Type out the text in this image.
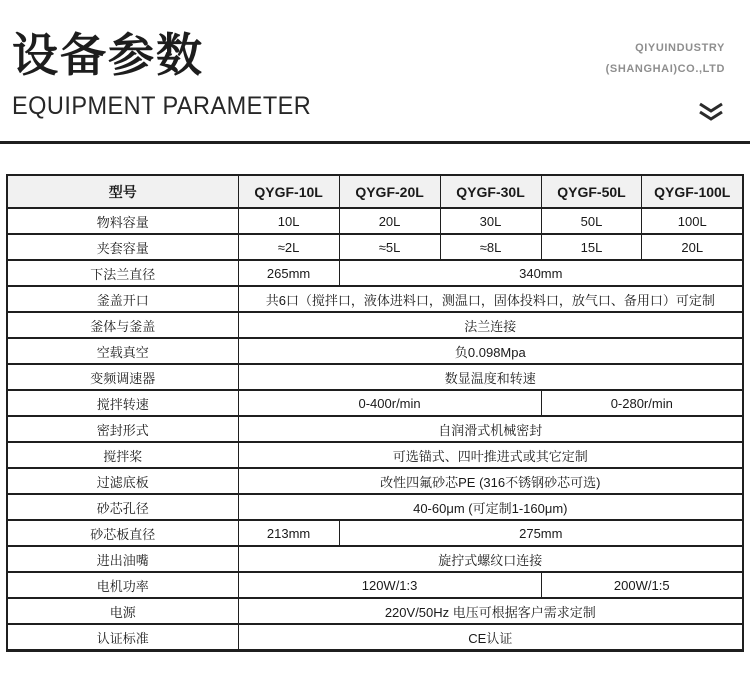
设备参数
EQUIPMENT PARAMETER
QIYUINDUSTRY
(SHANGHAI)CO.,LTD
型号	QYGF-10L	QYGF-20L	QYGF-30L	QYGF-50L	QYGF-100L
物料容量	10L	20L	30L	50L	100L
夹套容量	≈2L	≈5L	≈8L	15L	20L
下法兰直径	265mm	340mm			
釜盖开口	共6口（搅拌口，液体进料口，测温口，固体投料口，放气口、备用口）可定制				
釜体与釜盖	法兰连接				
空载真空	负0.098Mpa				
变频调速器	数显温度和转速				
搅拌转速	0-400r/min			0-280r/min	
密封形式	自润滑式机械密封				
搅拌桨	可选锚式、四叶推进式或其它定制				
过滤底板	改性四氟砂芯PE (316不锈钢砂芯可选)				
砂芯孔径	40-60μm (可定制1-160μm)				
砂芯板直径	213mm	275mm			
进出油嘴	旋拧式螺纹口连接				
电机功率	120W/1:3			200W/1:5	
电源	220V/50Hz 电压可根据客户需求定制				
认证标准	CE认证				
